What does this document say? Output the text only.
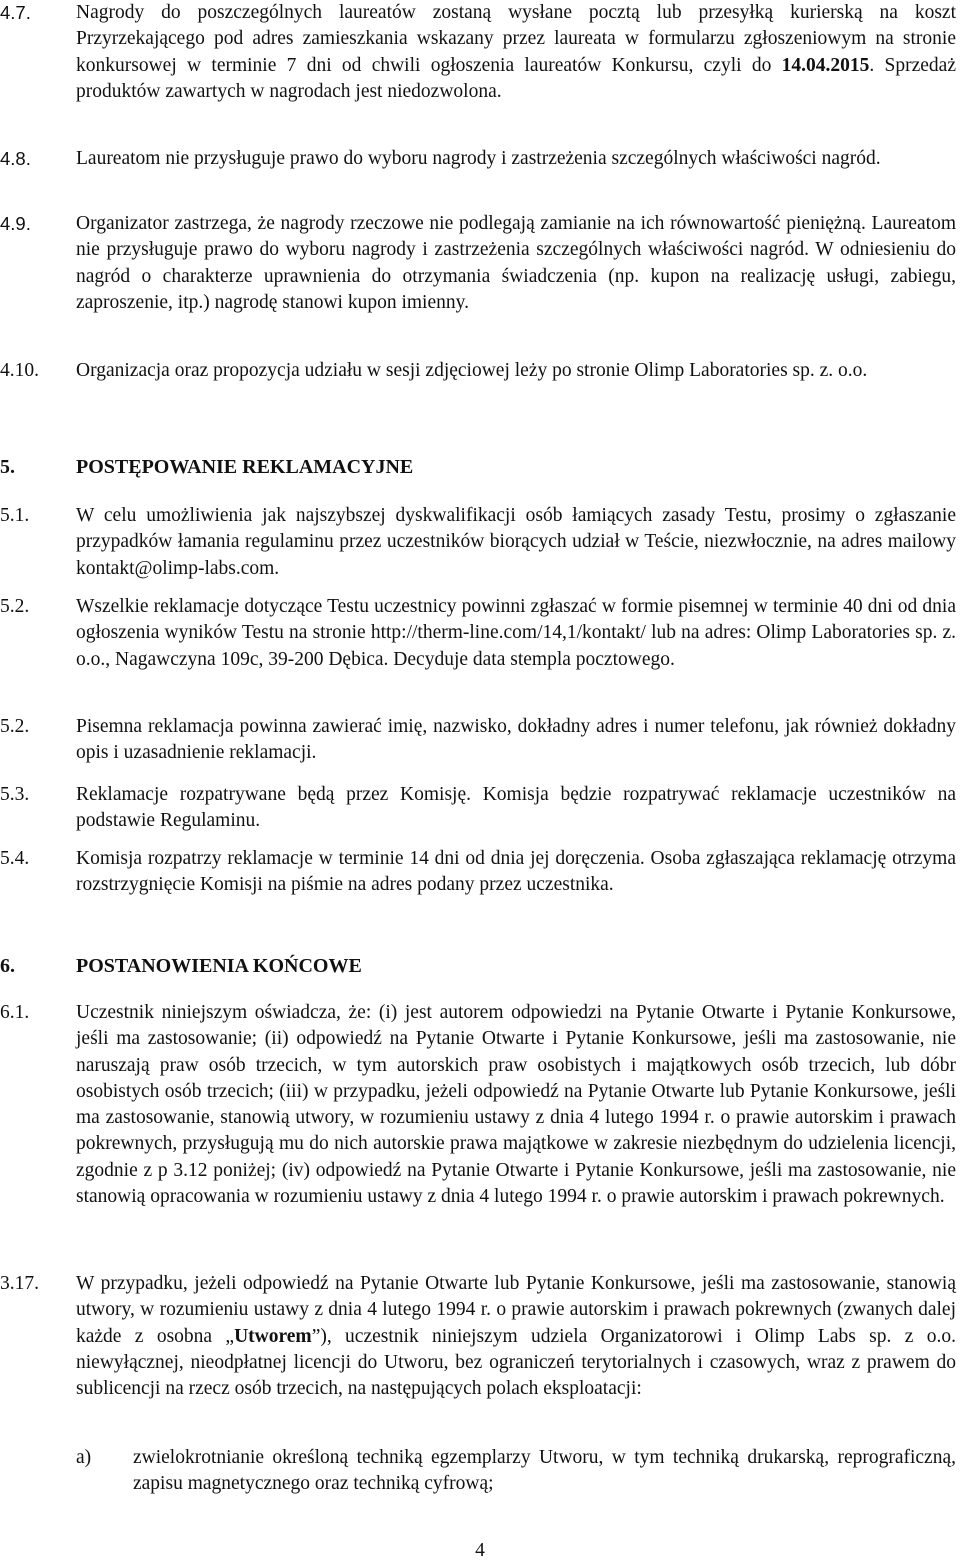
4.7. Nagrody do poszczególnych laureatów zostaną wysłane pocztą lub przesyłką kurierską na koszt Przyrzekającego pod adres zamieszkania wskazany przez laureata w formularzu zgłoszeniowym na stronie konkursowej w terminie 7 dni od chwili ogłoszenia laureatów Konkursu, czyli do 14.04.2015. Sprzedaż produktów zawartych w nagrodach jest niedozwolona.
4.8. Laureatom nie przysługuje prawo do wyboru nagrody i zastrzeżenia szczególnych właściwości nagród.
4.9. Organizator zastrzega, że nagrody rzeczowe nie podlegają zamianie na ich równowartość pieniężną. Laureatom nie przysługuje prawo do wyboru nagrody i zastrzeżenia szczególnych właściwości nagród. W odniesieniu do nagród o charakterze uprawnienia do otrzymania świadczenia (np. kupon na realizację usługi, zabiegu, zaproszenie, itp.) nagrodę stanowi kupon imienny.
4.10. Organizacja oraz propozycja udziału w sesji zdjęciowej leży po stronie Olimp Laboratories sp. z. o.o.
5.	POSTĘPOWANIE REKLAMACYJNE
5.1. W celu umożliwienia jak najszybszej dyskwalifikacji osób łamiących zasady Testu, prosimy o zgłaszanie przypadków łamania regulaminu przez uczestników biorących udział w Teście, niezwłocznie, na adres mailowy kontakt@olimp-labs.com.
5.2. Wszelkie reklamacje dotyczące Testu uczestnicy powinni zgłaszać w formie pisemnej w terminie 40 dni od dnia ogłoszenia wyników Testu na stronie http://therm-line.com/14,1/kontakt/ lub na adres: Olimp Laboratories sp. z. o.o., Nagawczyna 109c, 39-200 Dębica. Decyduje data stempla pocztowego.
5.2. Pisemna reklamacja powinna zawierać imię, nazwisko, dokładny adres i numer telefonu, jak również dokładny opis i uzasadnienie reklamacji.
5.3. Reklamacje rozpatrywane będą przez Komisję. Komisja będzie rozpatrywać reklamacje uczestników na podstawie Regulaminu.
5.4. Komisja rozpatrzy reklamacje w terminie 14 dni od dnia jej doręczenia. Osoba zgłaszająca reklamację otrzyma rozstrzygnięcie Komisji na piśmie na adres podany przez uczestnika.
6.	POSTANOWIENIA KOŃCOWE
6.1. Uczestnik niniejszym oświadcza, że: (i) jest autorem odpowiedzi na Pytanie Otwarte i Pytanie Konkursowe, jeśli ma zastosowanie; (ii) odpowiedź na Pytanie Otwarte i Pytanie Konkursowe, jeśli ma zastosowanie, nie naruszają praw osób trzecich, w tym autorskich praw osobistych i majątkowych osób trzecich, lub dóbr osobistych osób trzecich; (iii) w przypadku, jeżeli odpowiedź na Pytanie Otwarte lub Pytanie Konkursowe, jeśli ma zastosowanie, stanowią utwory, w rozumieniu ustawy z dnia 4 lutego 1994 r. o prawie autorskim i prawach pokrewnych, przysługują mu do nich autorskie prawa majątkowe w zakresie niezbędnym do udzielenia licencji, zgodnie z p 3.12 poniżej; (iv) odpowiedź na Pytanie Otwarte i Pytanie Konkursowe, jeśli ma zastosowanie, nie stanowią opracowania w rozumieniu ustawy z dnia 4 lutego 1994 r. o prawie autorskim i prawach pokrewnych.
3.17. W przypadku, jeżeli odpowiedź na Pytanie Otwarte lub Pytanie Konkursowe, jeśli ma zastosowanie, stanowią utwory, w rozumieniu ustawy z dnia 4 lutego 1994 r. o prawie autorskim i prawach pokrewnych (zwanych dalej każde z osobna „Utworem”), uczestnik niniejszym udziela Organizatorowi i Olimp Labs sp. z o.o. niewyłącznej, nieodpłatnej licencji do Utworu, bez ograniczeń terytorialnych i czasowych, wraz z prawem do sublicencji na rzecz osób trzecich, na następujących polach eksploatacji:
a) zwielokrotnianie określoną techniką egzemplarzy Utworu, w tym techniką drukarską, reprograficzną, zapisu magnetycznego oraz techniką cyfrową;
4
